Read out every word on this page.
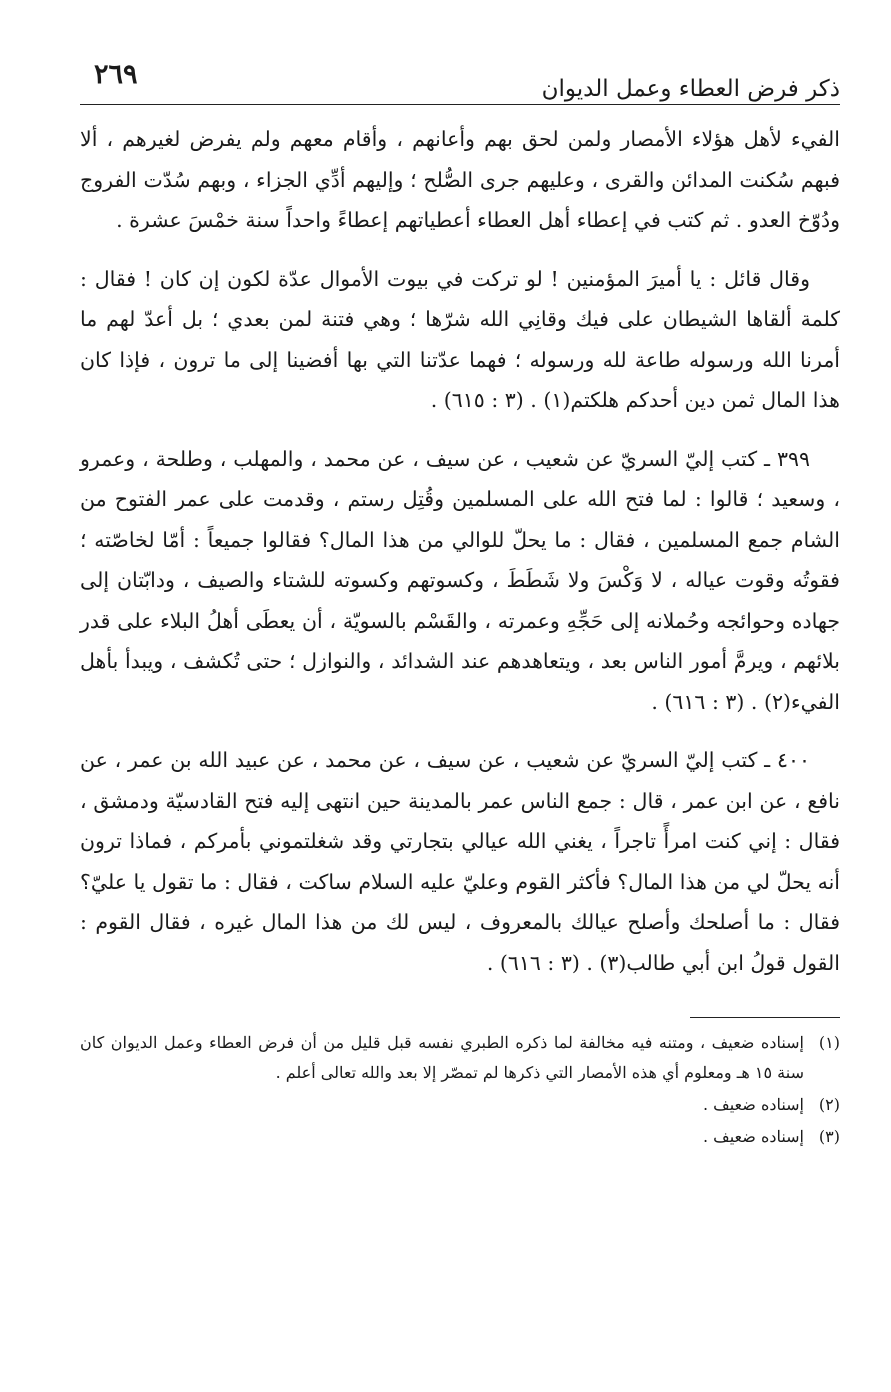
ذكر فرض العطاء وعمل الديوان
٢٦٩

الفيء لأهل هؤلاء الأمصار ولمن لحق بهم وأعانهم ، وأقام معهم ولم يفرض لغيرهم ، ألا فبهم سُكنت المدائن والقرى ، وعليهم جرى الصُّلح ؛ وإليهم أدِّي الجزاء ، وبهم سُدّت الفروج ودُوّخ العدو . ثم كتب في إعطاء أهل العطاء أعطياتهم إعطاءً واحداً سنة خمْسَ عشرة .

وقال قائل : يا أميرَ المؤمنين ! لو تركت في بيوت الأموال عدّة لكون إن كان ! فقال : كلمة ألقاها الشيطان على فيك وقانِي الله شرّها ؛ وهي فتنة لمن بعدي ؛ بل أعدّ لهم ما أمرنا الله ورسوله طاعة لله ورسوله ؛ فهما عدّتنا التي بها أفضينا إلى ما ترون ، فإذا كان هذا المال ثمن دين أحدكم هلكتم(١) . (٣ : ٦١٥) .

٣٩٩ ـ كتب إليّ السريّ عن شعيب ، عن سيف ، عن محمد ، والمهلب ، وطلحة ، وعمرو ، وسعيد ؛ قالوا : لما فتح الله على المسلمين وقُتِل رستم ، وقدمت على عمر الفتوح من الشام جمع المسلمين ، فقال : ما يحلّ للوالي من هذا المال؟ فقالوا جميعاً : أمّا لخاصّته ؛ فقوتُه وقوت عياله ، لا وَكْسَ ولا شَطَطَ ، وكسوتهم وكسوته للشتاء والصيف ، ودابّتان إلى جهاده وحوائجه وحُملانه إلى حَجِّهِ وعمرته ، والقَسْم بالسويّة ، أن يعطَى أهلُ البلاء على قدر بلائهم ، ويرمَّ أمور الناس بعد ، ويتعاهدهم عند الشدائد ، والنوازل ؛ حتى تُكشف ، ويبدأ بأهل الفيء(٢) . (٣ : ٦١٦) .

٤٠٠ ـ كتب إليّ السريّ عن شعيب ، عن سيف ، عن محمد ، عن عبيد الله بن عمر ، عن نافع ، عن ابن عمر ، قال : جمع الناس عمر بالمدينة حين انتهى إليه فتح القادسيّة ودمشق ، فقال : إني كنت امرأً تاجراً ، يغني الله عيالي بتجارتي وقد شغلتموني بأمركم ، فماذا ترون أنه يحلّ لي من هذا المال؟ فأكثر القوم وعليّ عليه السلام ساكت ، فقال : ما تقول يا عليّ؟ فقال : ما أصلحك وأصلح عيالك بالمعروف ، ليس لك من هذا المال غيره ، فقال القوم : القول قولُ ابن أبي طالب(٣) . (٣ : ٦١٦) .

(١)
إسناده ضعيف ، ومتنه فيه مخالفة لما ذكره الطبري نفسه قبل قليل من أن فرض العطاء وعمل الديوان كان سنة ١٥ هـ ومعلوم أي هذه الأمصار التي ذكرها لم تمصّر إلا بعد والله تعالى أعلم .
(٢)
إسناده ضعيف .
(٣)
إسناده ضعيف .
